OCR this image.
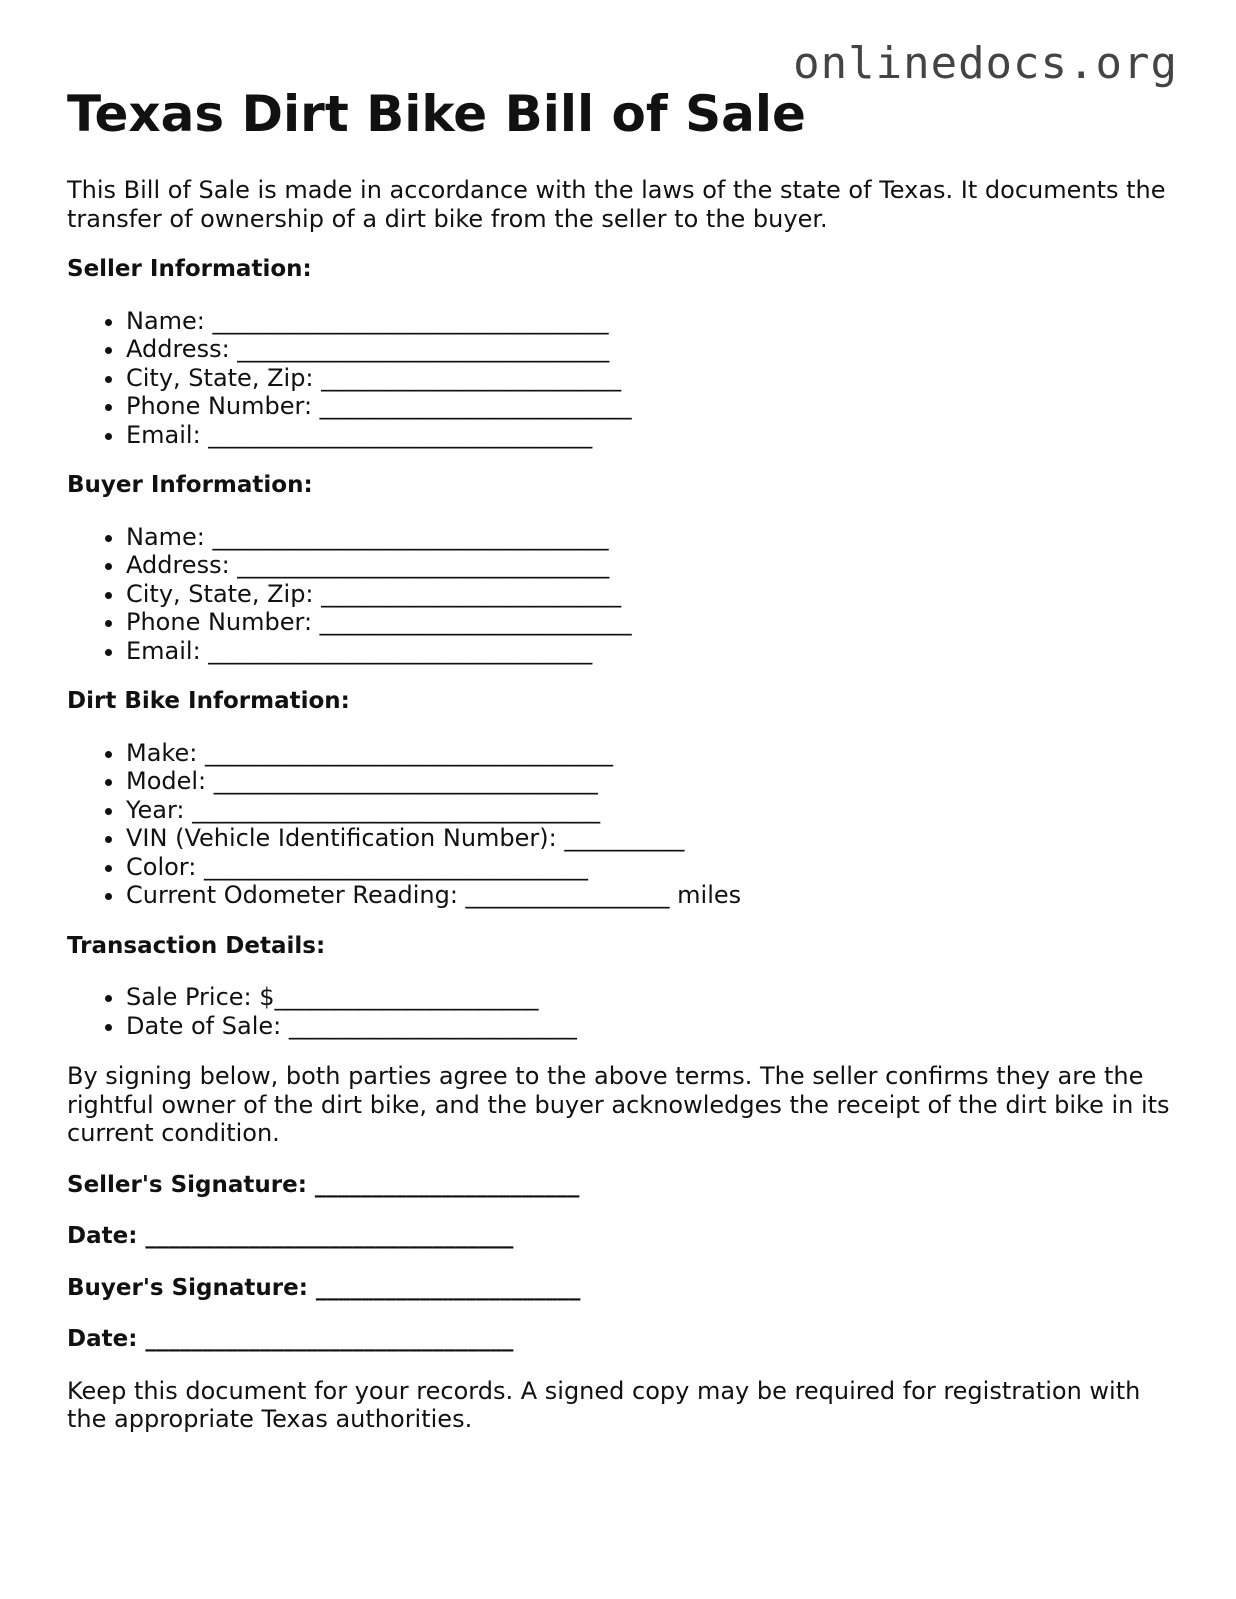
onlinedocs.org
Texas Dirt Bike Bill of Sale

This Bill of Sale is made in accordance with the laws of the state of Texas. It documents the transfer of ownership of a dirt bike from the seller to the buyer.

Seller Information:
• Name: _________________________________
• Address: _______________________________
• City, State, Zip: _________________________
• Phone Number: __________________________
• Email: ________________________________
Buyer Information:
• Name: _________________________________
• Address: _______________________________
• City, State, Zip: _________________________
• Phone Number: __________________________
• Email: ________________________________
Dirt Bike Information:
• Make: __________________________________
• Model: ________________________________
• Year: __________________________________
• VIN (Vehicle Identification Number): __________
• Color: ________________________________
• Current Odometer Reading: _________________ miles
Transaction Details:
• Sale Price: $______________________
• Date of Sale: ________________________

By signing below, both parties agree to the above terms. The seller confirms they are the rightful owner of the dirt bike, and the buyer acknowledges the receipt of the dirt bike in its current condition.

Seller's Signature: _______________________
Date: ________________________________
Buyer's Signature: _______________________
Date: ________________________________

Keep this document for your records. A signed copy may be required for registration with the appropriate Texas authorities.
